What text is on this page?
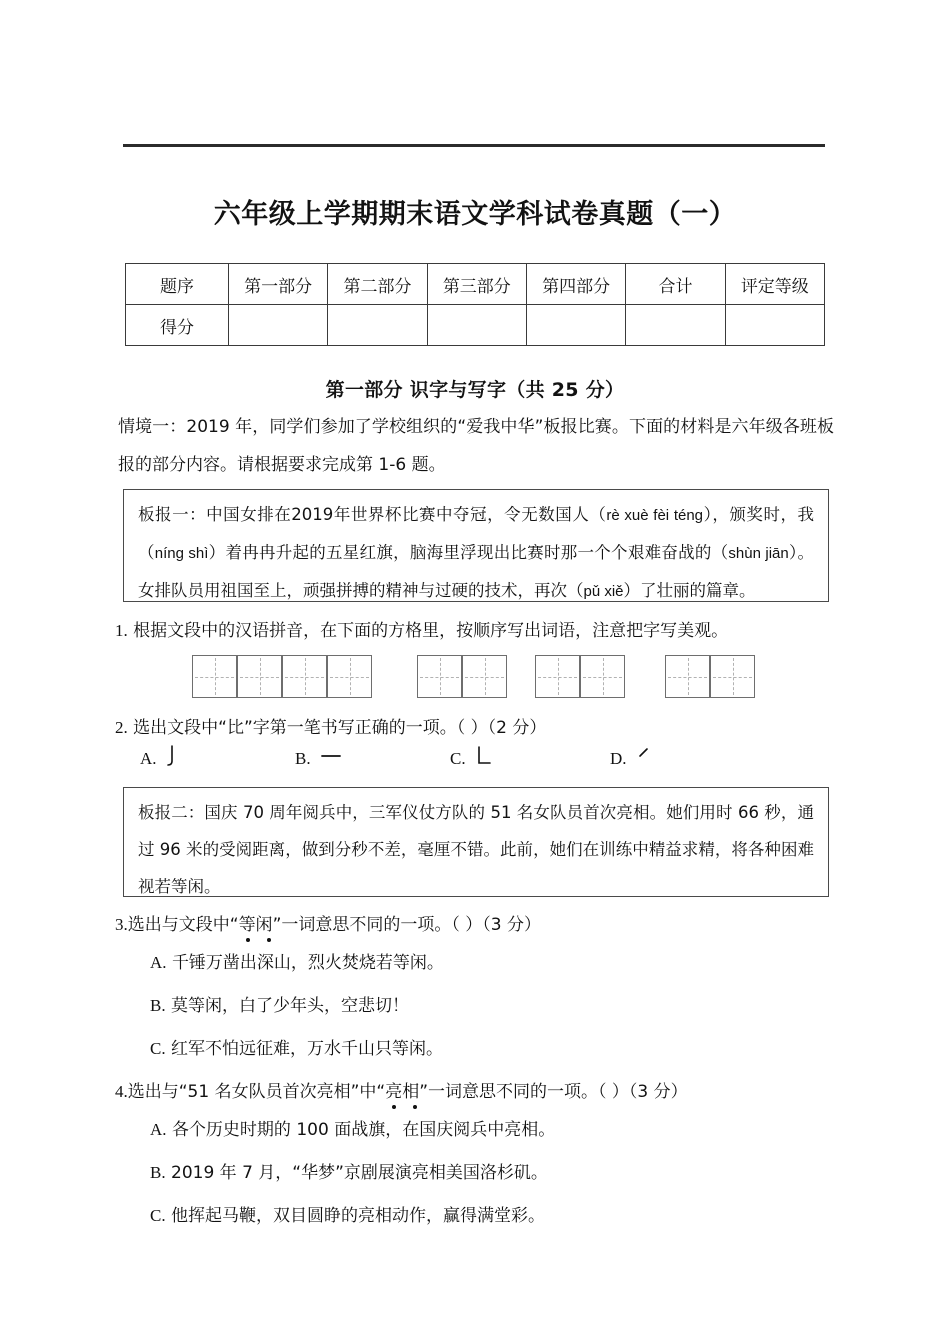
六年级上学期期末语文学科试卷真题（一）
题序	第一部分	第二部分	第三部分	第四部分	合计	评定等级
得分						
第一部分 识字与写字（共 25 分）
情境一：2019 年，同学们参加了学校组织的“爱我中华”板报比赛。下面的材料是六年级各班板报的部分内容。请根据要求完成第 1-6 题。
板报一：中国女排在2019年世界杯比赛中夺冠，令无数国人（rè xuè fèi téng），颁奖时，我（níng shì）着冉冉升起的五星红旗，脑海里浮现出比赛时那一个个艰难奋战的（shùn jiān）。女排队员用祖国至上，顽强拼搏的精神与过硬的技术，再次（pǔ xiě）了壮丽的篇章。
1. 根据文段中的汉语拼音，在下面的方格里，按顺序写出词语，注意把字写美观。
2. 选出文段中“比”字第一笔书写正确的一项。（ ）（2 分）
A.	B.	C.	D.
板报二：国庆 70 周年阅兵中，三军仪仗方队的 51 名女队员首次亮相。她们用时 66 秒，通过 96 米的受阅距离，做到分秒不差，毫厘不错。此前，她们在训练中精益求精，将各种困难视若等闲。
3.选出与文段中“等闲”一词意思不同的一项。（ ）（3 分）
A. 千锤万凿出深山，烈火焚烧若等闲。
B. 莫等闲，白了少年头，空悲切！
C. 红军不怕远征难，万水千山只等闲。
4.选出与“51 名女队员首次亮相”中“亮相”一词意思不同的一项。（ ）（3 分）
A. 各个历史时期的 100 面战旗，在国庆阅兵中亮相。
B. 2019 年 7 月，“华梦”京剧展演亮相美国洛杉矶。
C. 他挥起马鞭，双目圆睁的亮相动作，赢得满堂彩。
